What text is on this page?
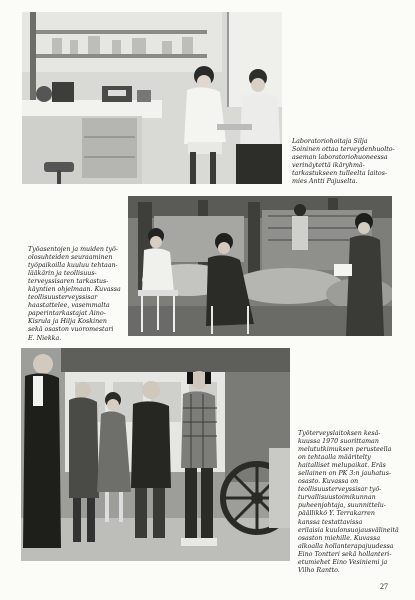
Laboratoriohoitaja Silja
Soininen ottaa terveydenhuolto-
aseman laboratoriohuoneessa
verinäytettä ikäryhmä-
tarkastukseen tulleelta laitos-
mies Antti Pajuselta.
Työasentojen ja muiden työ-
olosuhteiden seuraaminen
työpaikoilla kuuluu tehtaan-
lääkärin ja teollisuus-
terveyssisaren tarkastus-
käyntien ohjelmaan. Kuvassa
teollisuusterveyssisar
haastattelee, vasemmalta
paperintarkastajat Aino-
Kisrula ja Hilja Koskinen
sekä osaston vuoromestari
E. Niekka.
Työterveyslaitoksen kesä-
kuussa 1970 suorittaman
melututkimuksen perusteella
on tehtaalla määritelty
haitalliset melupaikat. Eräs
sellainen on PK 3:n jauhatus-
osasto. Kuvassa on
teollisuusterveyssisar työ-
turvallisuustoimikunnan
puheenjohtaja, suunnittelu-
päällikkö Y. Terrakarren
kanssa testattavissa
erilaisia kuulonsuojausvälineitä
osaston miehille. Kuvassa
alkoalla hollanterapajuudessa
Eino Tontteri sekä hollanteri-
etumiehet Eino Vesiniemi ja
Vilho Rantto.
27
